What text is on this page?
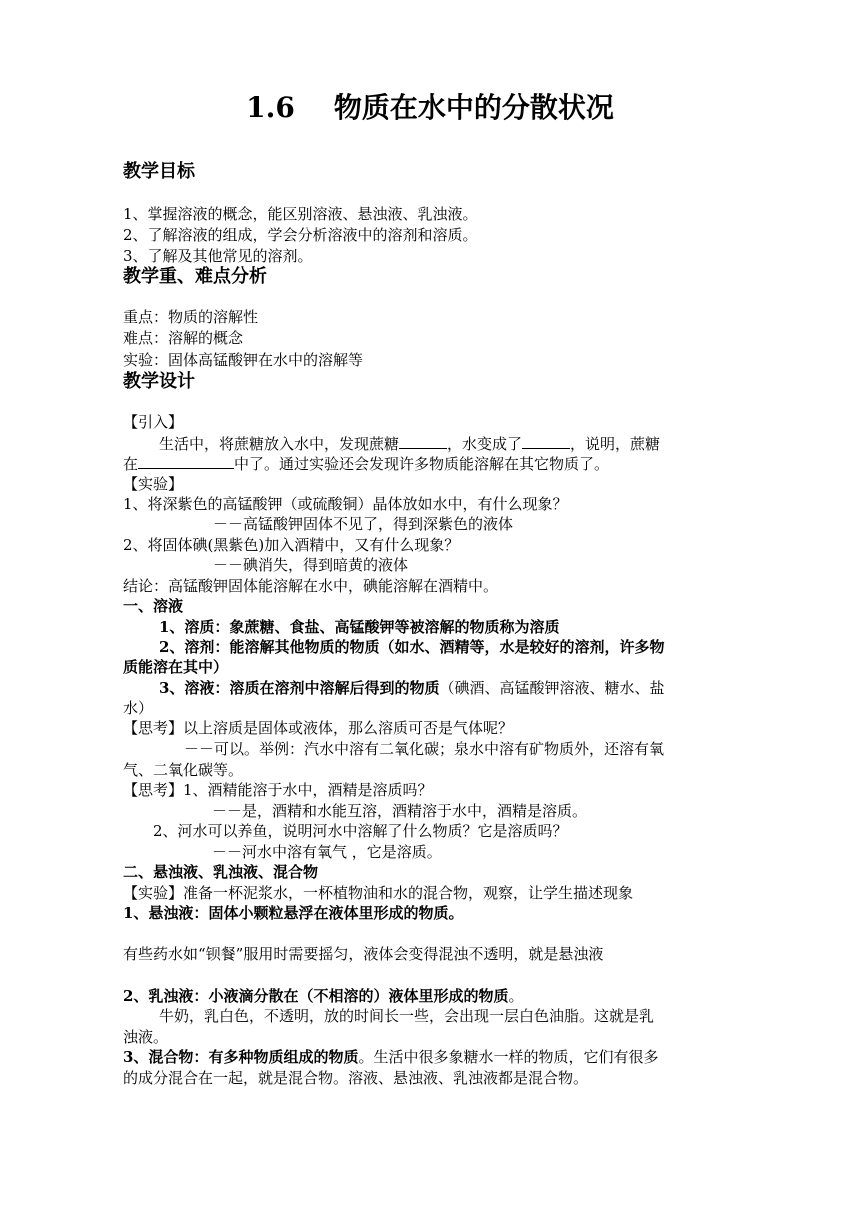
1.6    物质在水中的分散状况
教学目标
1、掌握溶液的概念，能区别溶液、悬浊液、乳浊液。
2、了解溶液的组成，学会分析溶液中的溶剂和溶质。
3、了解及其他常见的溶剂。
教学重、难点分析
重点：物质的溶解性
难点：溶解的概念
实验：固体高锰酸钾在水中的溶解等
教学设计
【引入】
生活中，将蔗糖放入水中，发现蔗糖	，水变成了	，说明，蔗糖
在	中了。通过实验还会发现许多物质能溶解在其它物质了。
【实验】
1、将深紫色的高锰酸钾（或硫酸铜）晶体放如水中，有什么现象？
－－高锰酸钾固体不见了，得到深紫色的液体
2、将固体碘(黑紫色)加入酒精中，又有什么现象？
－－碘消失，得到暗黄的液体
结论：高锰酸钾固体能溶解在水中，碘能溶解在酒精中。
一、溶液
1、溶质：象蔗糖、食盐、高锰酸钾等被溶解的物质称为溶质
2、溶剂：能溶解其他物质的物质（如水、酒精等，水是较好的溶剂，许多物
质能溶在其中）
3、溶液：溶质在溶剂中溶解后得到的物质（碘酒、高锰酸钾溶液、糖水、盐
水）
【思考】以上溶质是固体或液体，那么溶质可否是气体呢？
－－可以。举例：汽水中溶有二氧化碳；泉水中溶有矿物质外，还溶有氧
气、二氧化碳等。
【思考】1、酒精能溶于水中，酒精是溶质吗？
－－是，酒精和水能互溶，酒精溶于水中，酒精是溶质。
2、河水可以养鱼，说明河水中溶解了什么物质？它是溶质吗？
－－河水中溶有氧气 ，它是溶质。
二、悬浊液、乳浊液、混合物
【实验】准备一杯泥浆水，一杯植物油和水的混合物，观察，让学生描述现象
1、悬浊液：固体小颗粒悬浮在液体里形成的物质。
有些药水如“钡餐”服用时需要摇匀，液体会变得混浊不透明，就是悬浊液
2、乳浊液：小液滴分散在（不相溶的）液体里形成的物质。
牛奶，乳白色，不透明，放的时间长一些，会出现一层白色油脂。这就是乳
浊液。
3、混合物：有多种物质组成的物质。生活中很多象糖水一样的物质，它们有很多
的成分混合在一起，就是混合物。溶液、悬浊液、乳浊液都是混合物。
